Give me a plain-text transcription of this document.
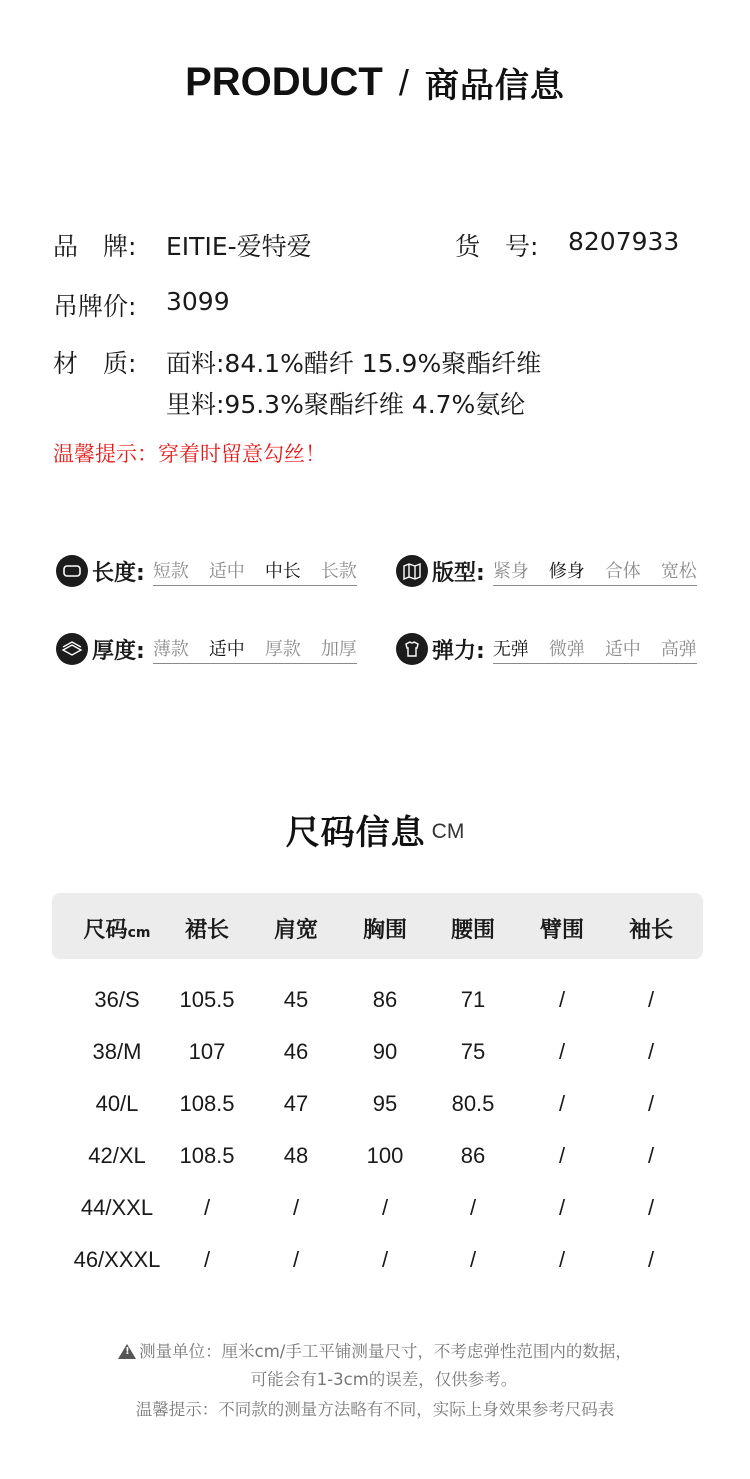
PRODUCT / 商品信息
品　牌: EITIE-爱特爱	货　号: 8207933
吊牌价: 3099
材　质: 面料:84.1%醋纤 15.9%聚酯纤维
里料:95.3%聚酯纤维 4.7%氨纶
温馨提示：穿着时留意勾丝！
长度: 短款 适中 中长 长款	版型: 紧身 修身 合体 宽松
厚度: 薄款 适中 厚款 加厚	弹力: 无弹 微弹 适中 高弹
尺码信息 CM
尺码cm	裙长	肩宽	胸围	腰围	臂围	袖长
36/S	105.5	45	86	71	/	/
38/M	107	46	90	75	/	/
40/L	108.5	47	95	80.5	/	/
42/XL	108.5	48	100	86	/	/
44/XXL	/	/	/	/	/	/
46/XXXL	/	/	/	/	/	/
!测量单位：厘米cm/手工平铺测量尺寸，不考虑弹性范围内的数据，
可能会有1-3cm的误差，仅供参考。
温馨提示：不同款的测量方法略有不同，实际上身效果参考尺码表
